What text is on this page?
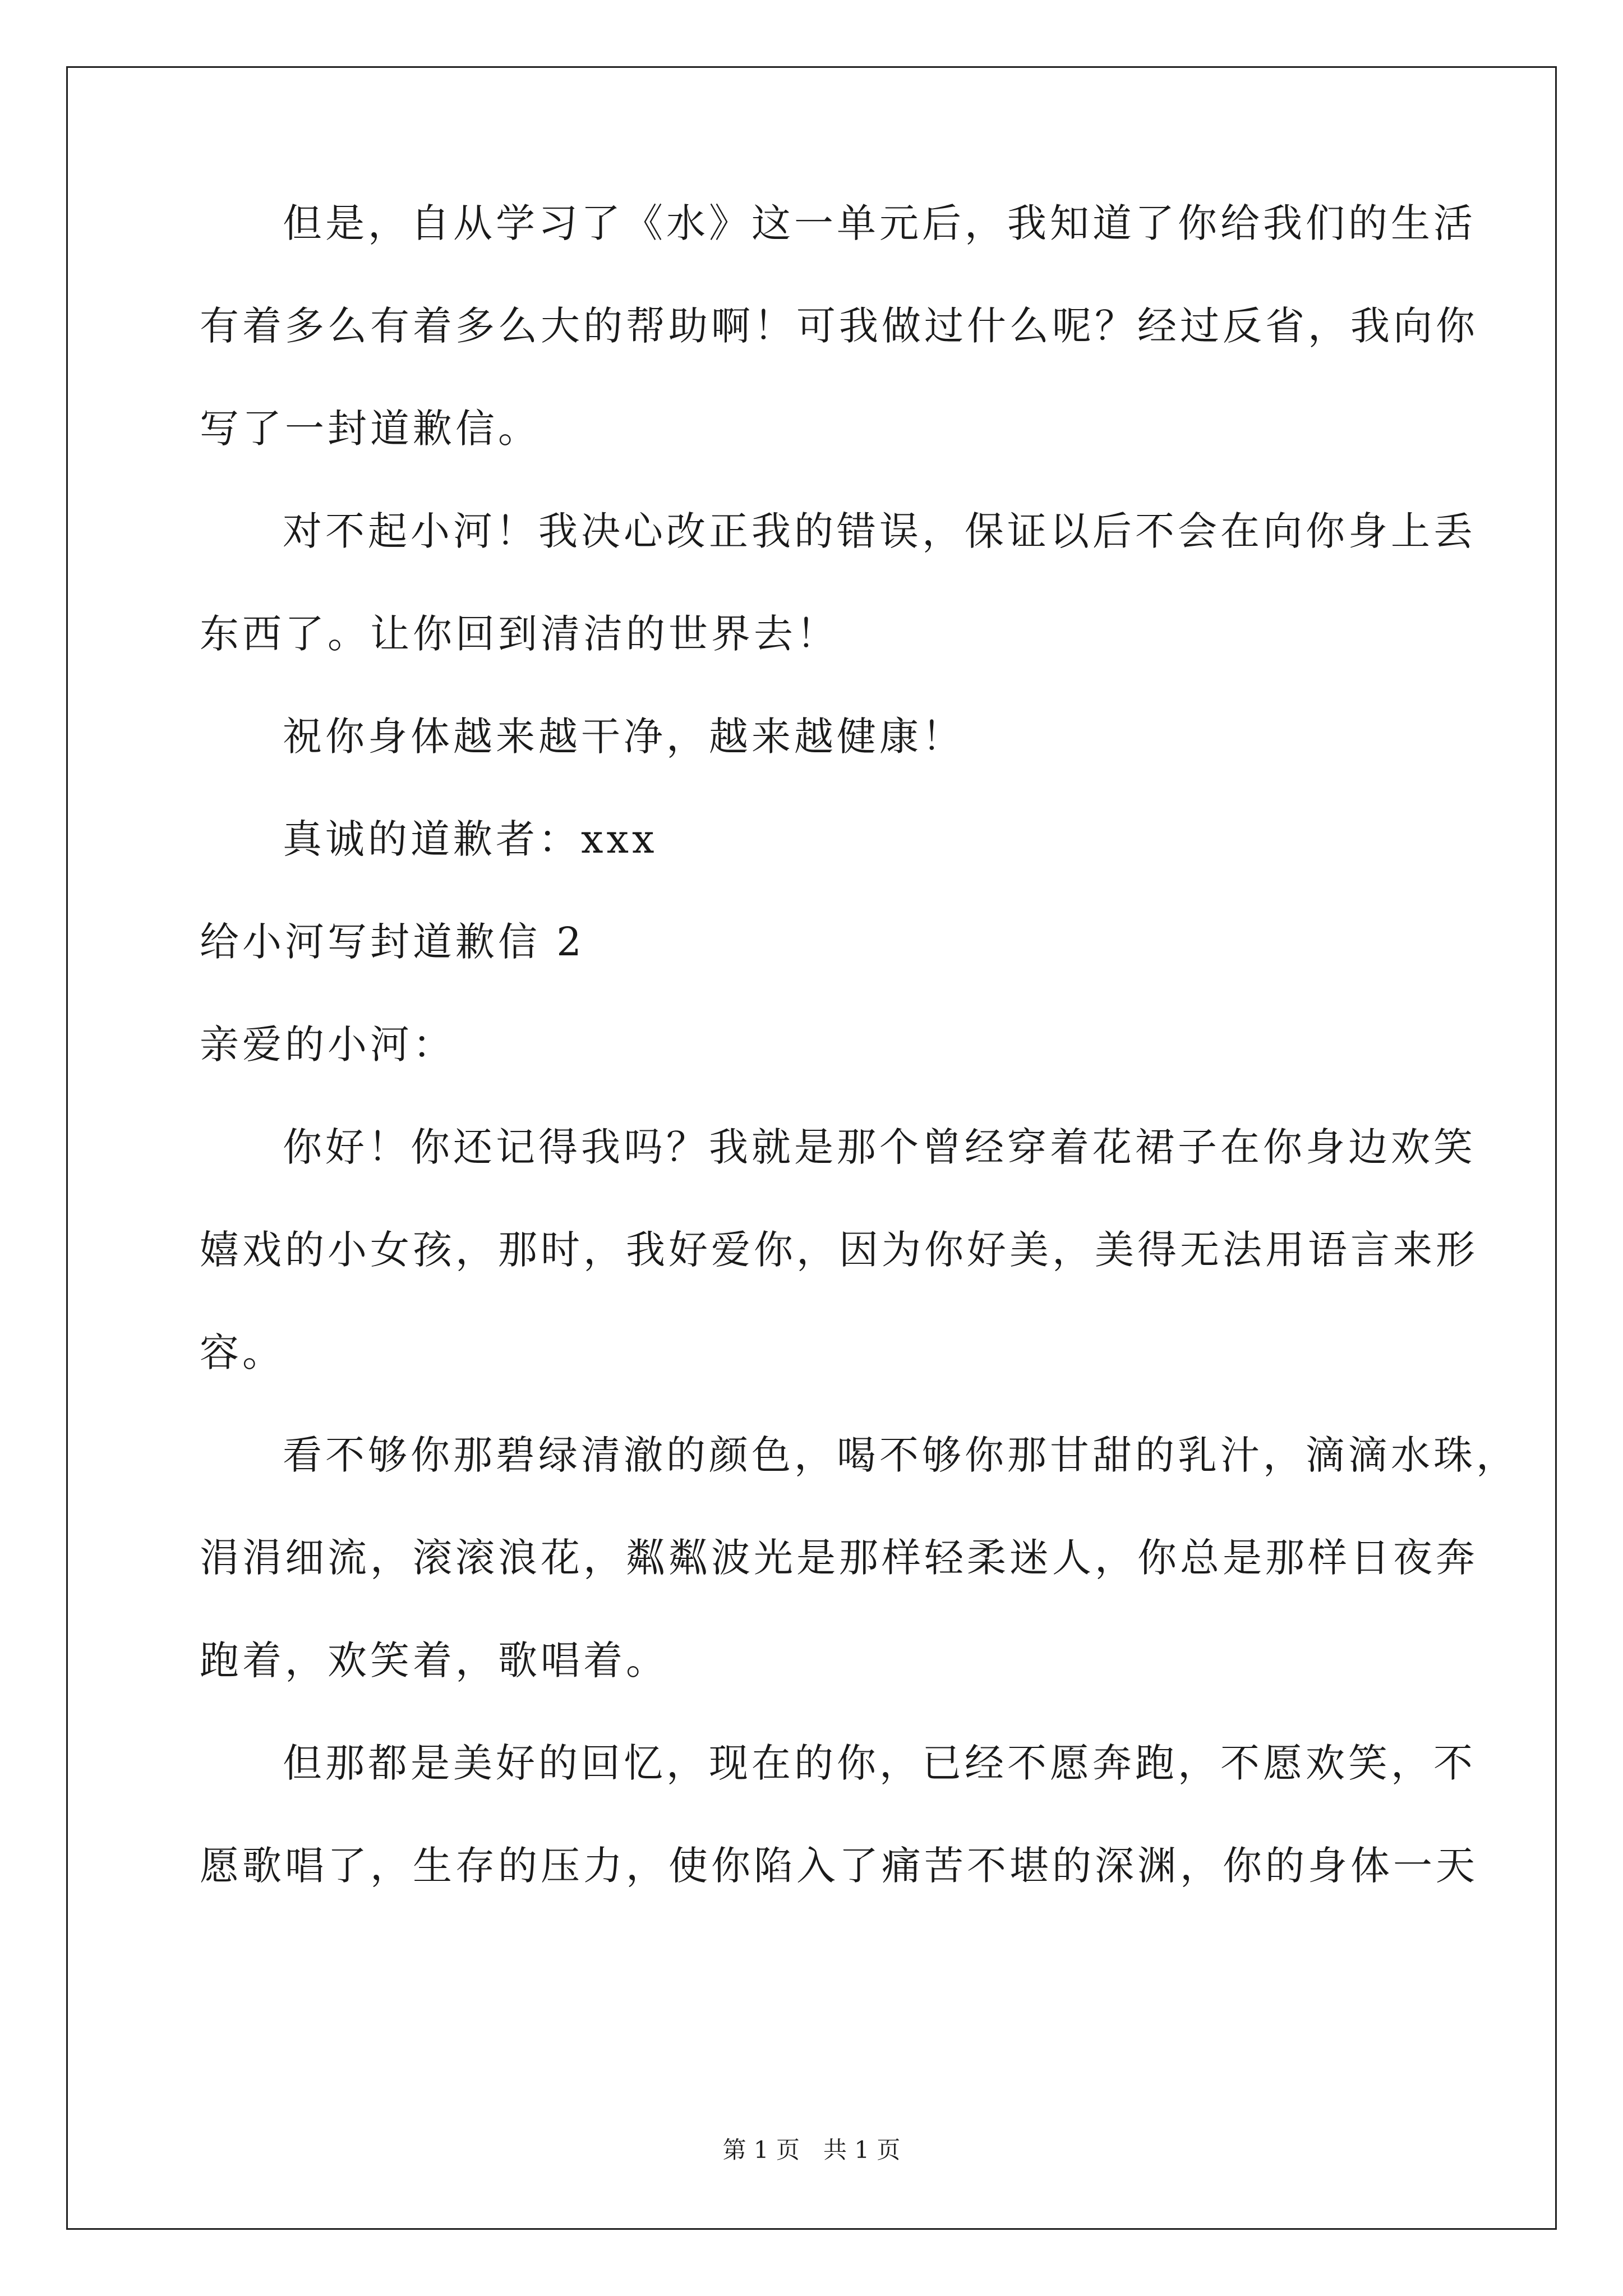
但是，自从学习了《水》这一单元后，我知道了你给我们的生活
有着多么有着多么大的帮助啊！可我做过什么呢？经过反省，我向你
写了一封道歉信。
对不起小河！我决心改正我的错误，保证以后不会在向你身上丢
东西了。让你回到清洁的世界去！
祝你身体越来越干净，越来越健康！
真诚的道歉者：xxx
给小河写封道歉信 2
亲爱的小河：
你好！你还记得我吗？我就是那个曾经穿着花裙子在你身边欢笑
嬉戏的小女孩，那时，我好爱你，因为你好美，美得无法用语言来形
容。
看不够你那碧绿清澈的颜色，喝不够你那甘甜的乳汁，滴滴水珠，
涓涓细流，滚滚浪花，粼粼波光是那样轻柔迷人，你总是那样日夜奔
跑着，欢笑着，歌唱着。
但那都是美好的回忆，现在的你，已经不愿奔跑，不愿欢笑，不
愿歌唱了，生存的压力，使你陷入了痛苦不堪的深渊，你的身体一天
第 1 页　共 1 页
